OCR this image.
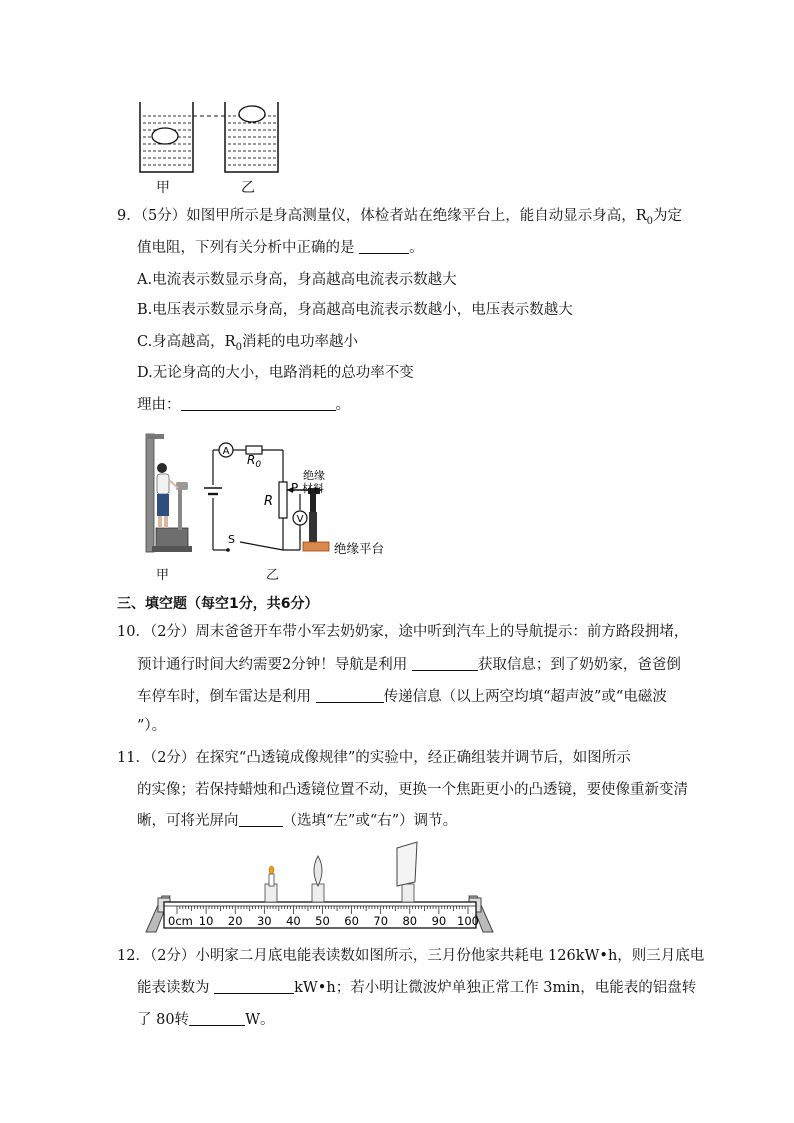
甲	乙
9．（5分）如图甲所示是身高测量仪，体检者站在绝缘平台上，能自动显示身高，$R_0$为定
值电阻，下列有关分析中正确的是	。
A.电流表示数显示身高，身高越高电流表示数越大
B.电压表示数显示身高，身高越高电流表示数越小，电压表示数越大
C.身高越高，$R_0$消耗的电功率越小
D.无论身高的大小，电路消耗的总功率不变
理由：	。
A
V
$R_0$
R
S
P
绝缘
材料
绝缘平台
甲	乙
三、填空题（每空1分，共6分）
10．（2分）周末爸爸开车带小军去奶奶家，途中听到汽车上的导航提示：前方路段拥堵，
预计通行时间大约需要2分钟！导航是利用	获取信息；到了奶奶家，爸爸倒
车停车时，倒车雷达是利用	传递信息（以上两空均填“超声波”或“电磁波
”）。
11．（2分）在探究“凸透镜成像规律”的实验中，经正确组装并调节后，如图所示
的实像；若保持蜡烛和凸透镜位置不动，更换一个焦距更小的凸透镜，要使像重新变清
晰，可将光屏向	（选填“左”或“右”）调节。
0cm 10 20 30 40 50 60 70 80 90 100
12．（2分）小明家二月底电能表读数如图所示，三月份他家共耗电 126kW•h，则三月底电
能表读数为	kW•h；若小明让微波炉单独正常工作 3min，电能表的铝盘转
了 80转	W。
